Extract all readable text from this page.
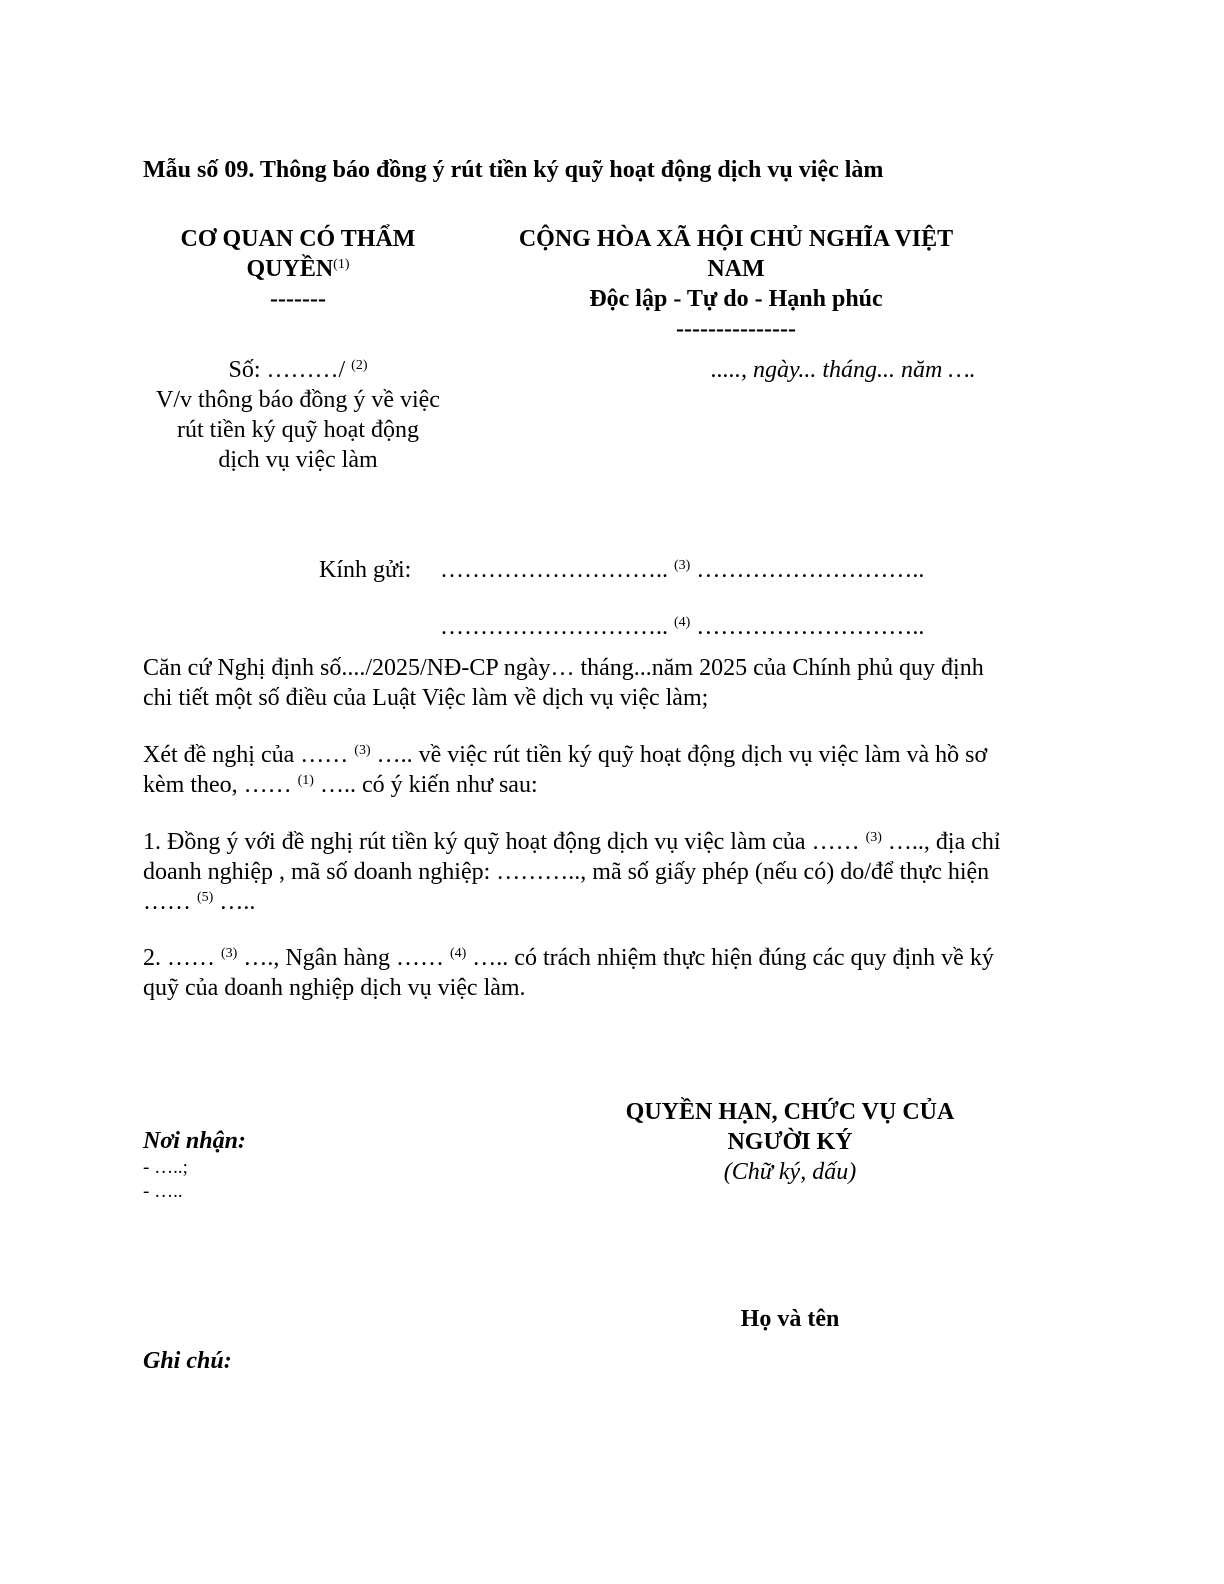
Mẫu số 09. Thông báo đồng ý rút tiền ký quỹ hoạt động dịch vụ việc làm
CƠ QUAN CÓ THẨM
QUYỀN$^{(1)}$
-------
CỘNG HÒA XÃ HỘI CHỦ NGHĨA VIỆT
NAM
Độc lập - Tự do - Hạnh phúc
---------------
Số: ………/ $^{(2)}$
V/v thông báo đồng ý về việc
rút tiền ký quỹ hoạt động
dịch vụ việc làm
....., ngày... tháng... năm ….
Kính gửi: ……………………….. $^{(3)}$ ………………………..
……………………….. $^{(4)}$ ………………………..
Căn cứ Nghị định số..../2025/NĐ-CP ngày… tháng...năm 2025 của Chính phủ quy định
chi tiết một số điều của Luật Việc làm về dịch vụ việc làm;
Xét đề nghị của …… $^{(3)}$ ….. về việc rút tiền ký quỹ hoạt động dịch vụ việc làm và hồ sơ
kèm theo, …… $^{(1)}$ ….. có ý kiến như sau:
1. Đồng ý với đề nghị rút tiền ký quỹ hoạt động dịch vụ việc làm của …… $^{(3)}$ ….., địa chỉ
doanh nghiệp , mã số doanh nghiệp: ……….., mã số giấy phép (nếu có) do/để thực hiện
…… $^{(5)}$ …..
2. …… $^{(3)}$ …., Ngân hàng …… $^{(4)}$ ….. có trách nhiệm thực hiện đúng các quy định về ký
quỹ của doanh nghiệp dịch vụ việc làm.
Nơi nhận:
- …..;
- …..
QUYỀN HẠN, CHỨC VỤ CỦA
NGƯỜI KÝ
(Chữ ký, dấu)
Họ và tên
Ghi chú:
